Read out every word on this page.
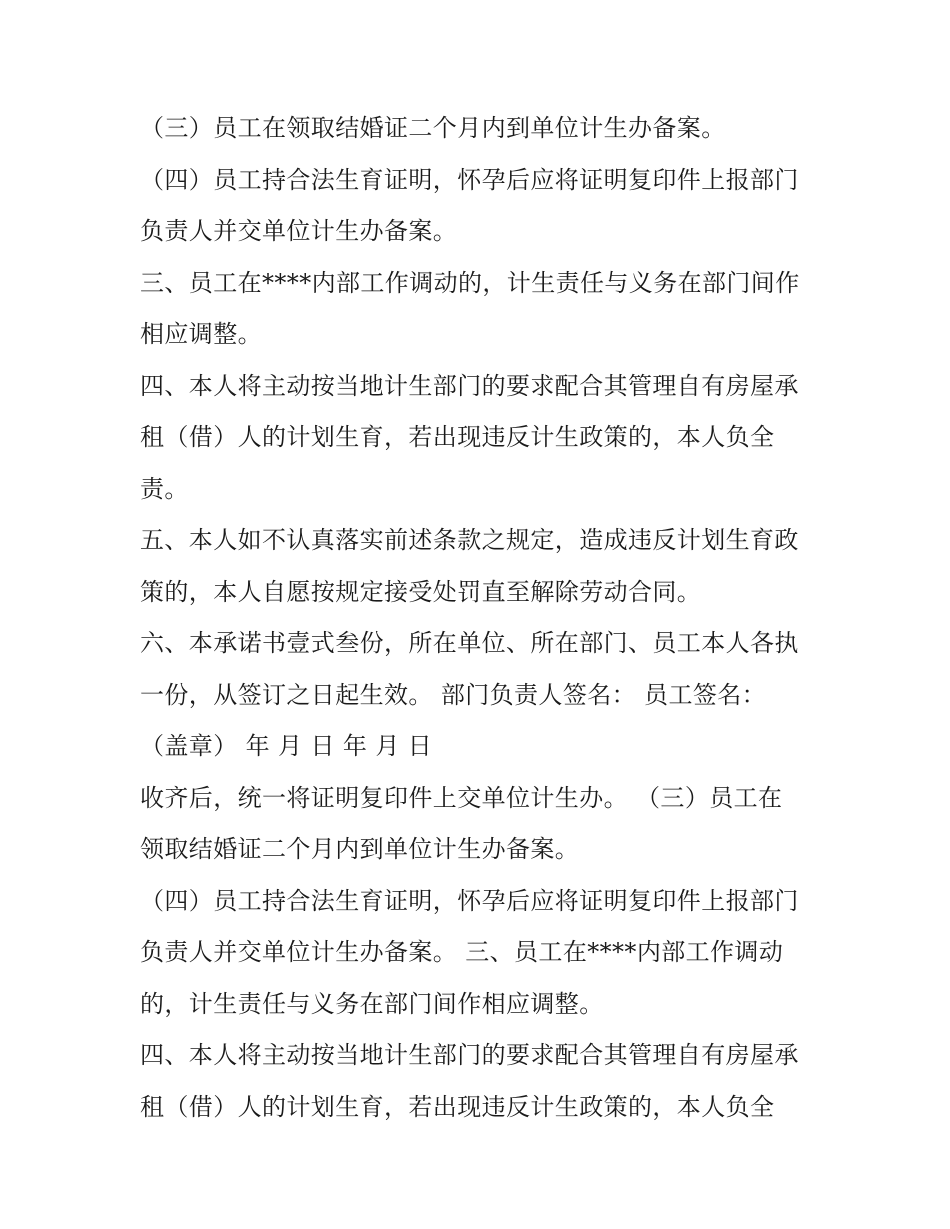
（三）员工在领取结婚证二个月内到单位计生办备案。
（四）员工持合法生育证明，怀孕后应将证明复印件上报部门
负责人并交单位计生办备案。
三、员工在****内部工作调动的，计生责任与义务在部门间作
相应调整。
四、本人将主动按当地计生部门的要求配合其管理自有房屋承
租（借）人的计划生育，若出现违反计生政策的，本人负全
责。
五、本人如不认真落实前述条款之规定，造成违反计划生育政
策的，本人自愿按规定接受处罚直至解除劳动合同。
六、本承诺书壹式叁份，所在单位、所在部门、员工本人各执
一份，从签订之日起生效。 部门负责人签名： 员工签名：
（盖章） 年 月 日 年 月 日
收齐后，统一将证明复印件上交单位计生办。 （三）员工在
领取结婚证二个月内到单位计生办备案。
（四）员工持合法生育证明，怀孕后应将证明复印件上报部门
负责人并交单位计生办备案。 三、员工在****内部工作调动
的，计生责任与义务在部门间作相应调整。
四、本人将主动按当地计生部门的要求配合其管理自有房屋承
租（借）人的计划生育，若出现违反计生政策的，本人负全
